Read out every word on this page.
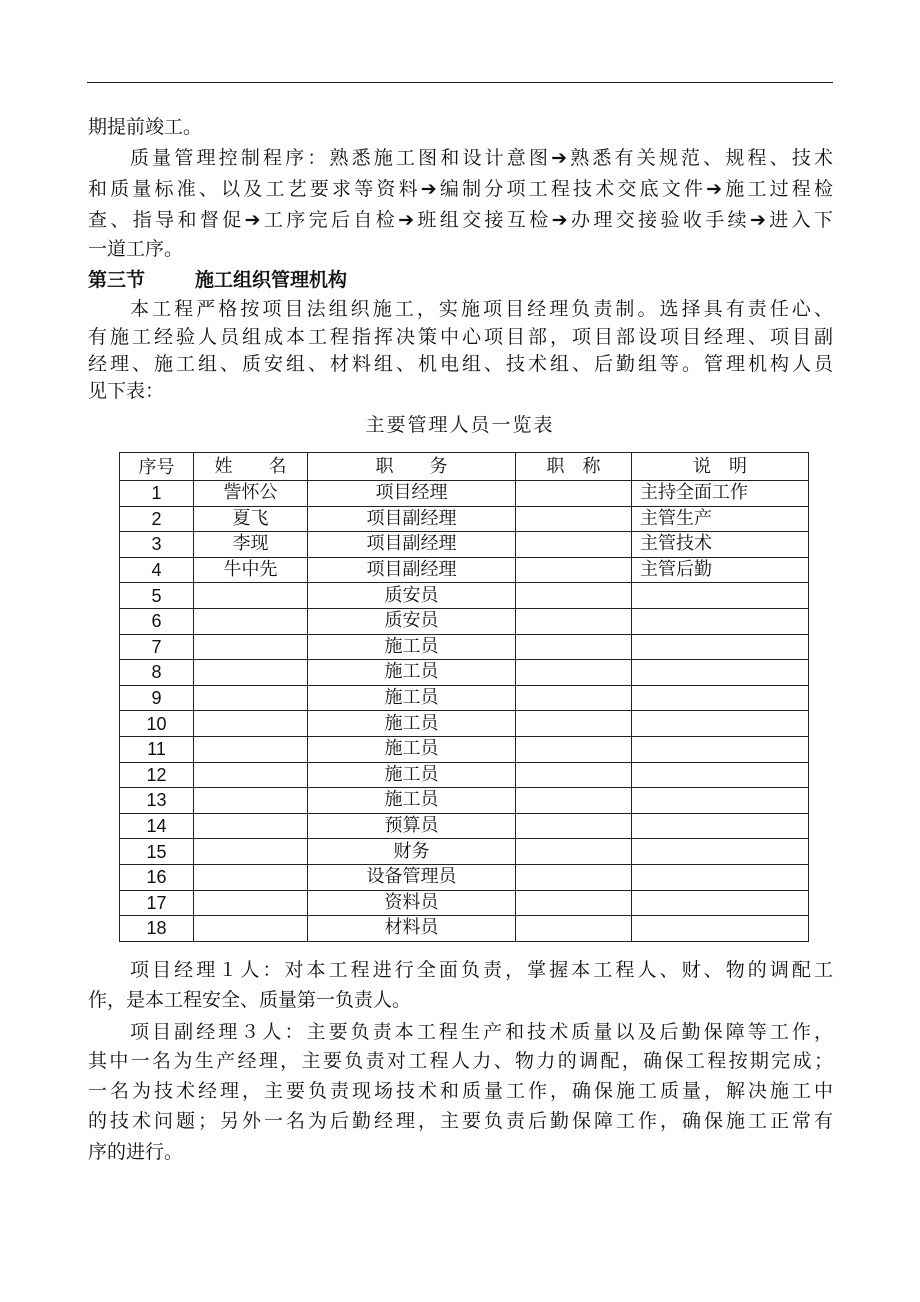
期提前竣工。
质量管理控制程序：熟悉施工图和设计意图➔熟悉有关规范、规程、技术
和质量标准、以及工艺要求等资料➔编制分项工程技术交底文件➔施工过程检
查、指导和督促➔工序完后自检➔班组交接互检➔办理交接验收手续➔进入下
一道工序。
第三节	施工组织管理机构
本工程严格按项目法组织施工，实施项目经理负责制。选择具有责任心、
有施工经验人员组成本工程指挥决策中心项目部，项目部设项目经理、项目副
经理、施工组、质安组、材料组、机电组、技术组、后勤组等。管理机构人员
见下表：
主要管理人员一览表
序号	姓　　名	职　　务	职　称	说　明
1	訾怀公	项目经理		主持全面工作
2	夏飞	项目副经理		主管生产
3	李现	项目副经理		主管技术
4	牛中先	项目副经理		主管后勤
5		质安员		
6		质安员		
7		施工员		
8		施工员		
9		施工员		
10		施工员		
11		施工员		
12		施工员		
13		施工员		
14		预算员		
15		财务		
16		设备管理员		
17		资料员		
18		材料员		
项目经理１人：对本工程进行全面负责，掌握本工程人、财、物的调配工
作，是本工程安全、质量第一负责人。
项目副经理３人：主要负责本工程生产和技术质量以及后勤保障等工作，
其中一名为生产经理，主要负责对工程人力、物力的调配，确保工程按期完成；
一名为技术经理，主要负责现场技术和质量工作，确保施工质量，解决施工中
的技术问题；另外一名为后勤经理，主要负责后勤保障工作，确保施工正常有
序的进行。
